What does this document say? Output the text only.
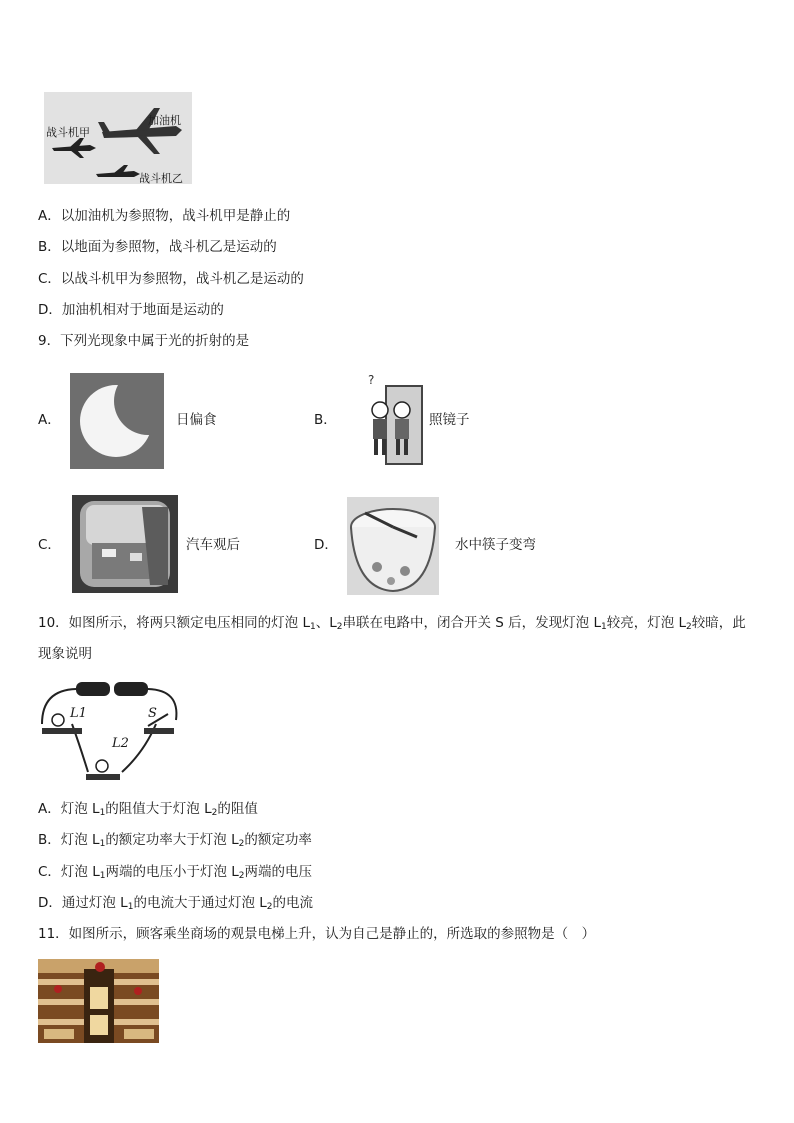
加油机
战斗机甲
战斗机乙
A．以加油机为参照物，战斗机甲是静止的
B．以地面为参照物，战斗机乙是运动的
C．以战斗机甲为参照物，战斗机乙是运动的
D．加油机相对于地面是运动的
9．下列光现象中属于光的折射的是
A．	日偏食	B．
?
照镜子
C．	汽车观后	D．	水中筷子变弯
10．如图所示，将两只额定电压相同的灯泡 $L_1$、$L_2$串联在电路中，闭合开关 S 后，发现灯泡 $L_1$较亮，灯泡 $L_2$较暗，此
现象说明
L1	S
L2
A．灯泡 $L_1$的阻值大于灯泡 $L_2$的阻值
B．灯泡 $L_1$的额定功率大于灯泡 $L_2$的额定功率
C．灯泡 $L_1$两端的电压小于灯泡 $L_2$两端的电压
D．通过灯泡 $L_1$的电流大于通过灯泡 $L_2$的电流
11．如图所示，顾客乘坐商场的观景电梯上升，认为自己是静止的，所选取的参照物是（　）
